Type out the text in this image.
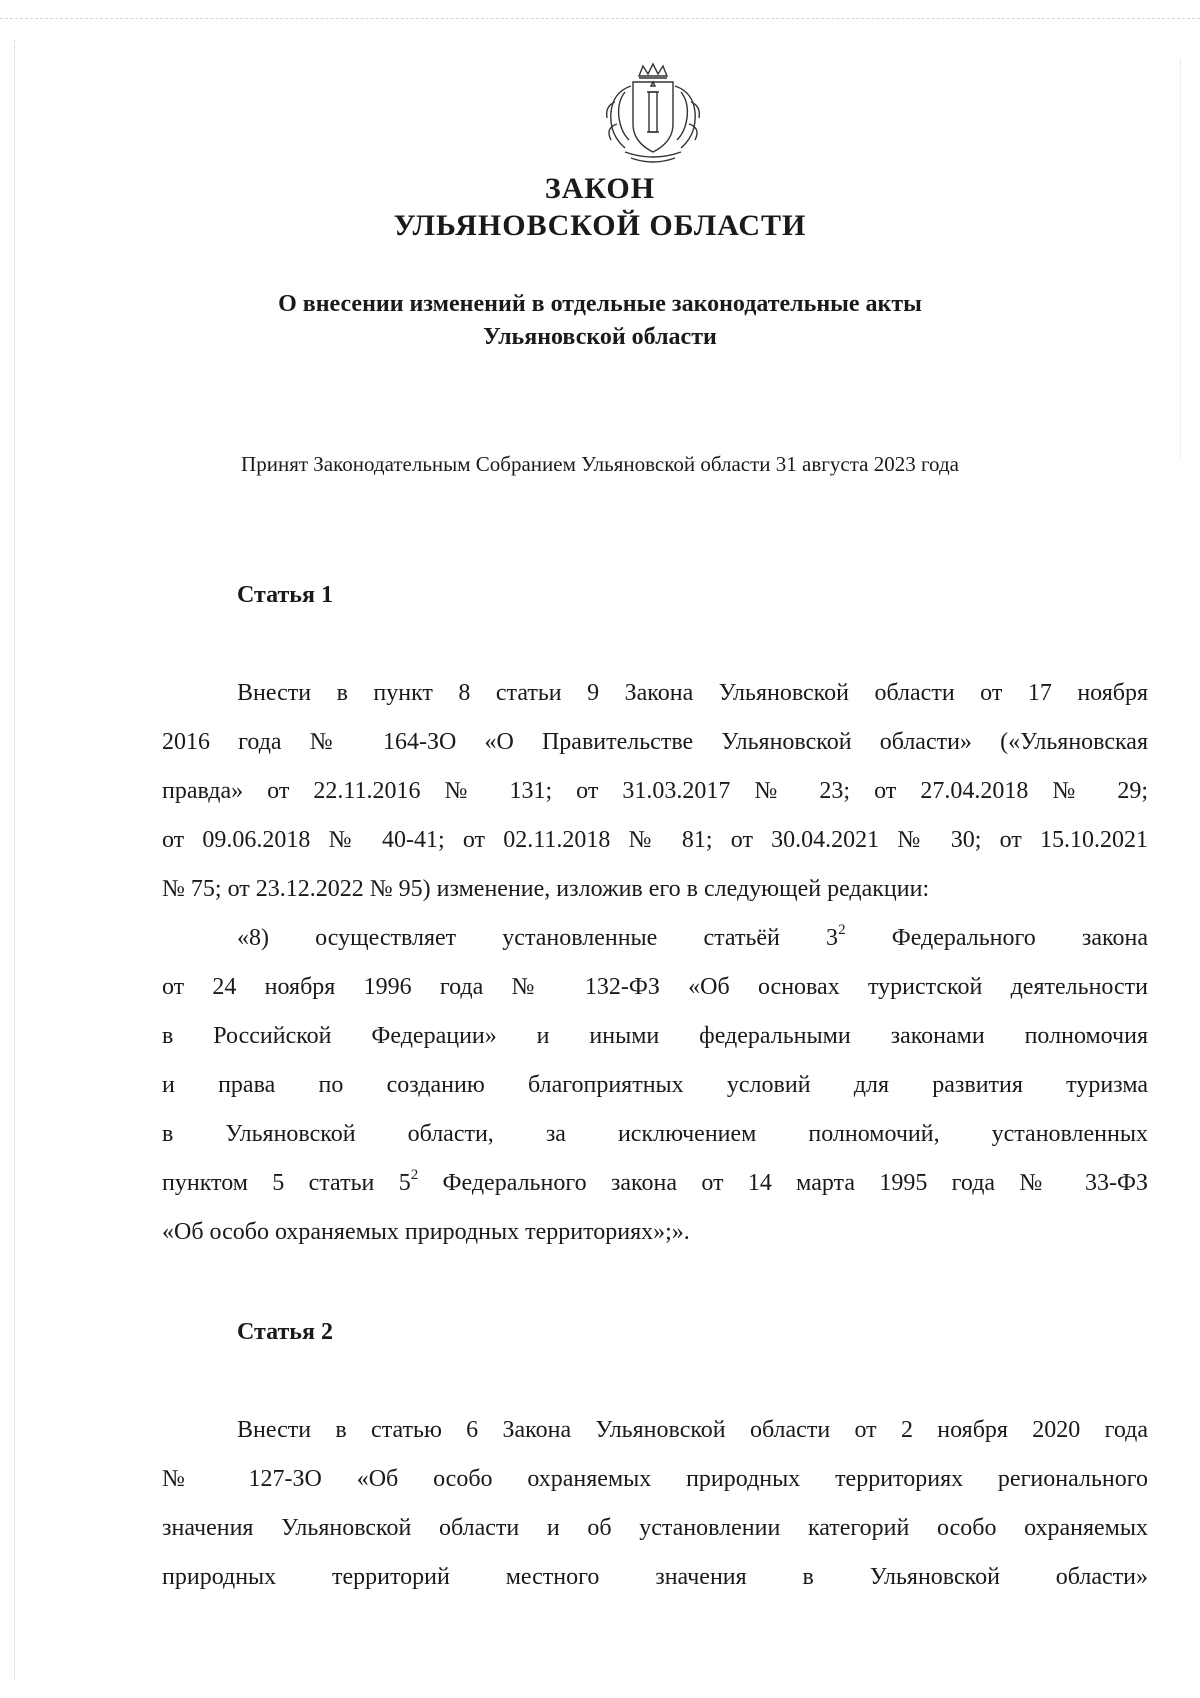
ЗАКОН
УЛЬЯНОВСКОЙ ОБЛАСТИ
О внесении изменений в отдельные законодательные акты
Ульяновской области
Принят Законодательным Собранием Ульяновской области 31 августа 2023 года
Статья 1
Внести в пункт 8 статьи 9 Закона Ульяновской области от 17 ноября
2016 года № 164-ЗО «О Правительстве Ульяновской области» («Ульяновская
правда» от 22.11.2016 № 131; от 31.03.2017 № 23; от 27.04.2018 № 29;
от 09.06.2018 № 40-41; от 02.11.2018 № 81; от 30.04.2021 № 30; от 15.10.2021
№ 75; от 23.12.2022 № 95) изменение, изложив его в следующей редакции:
«8) осуществляет установленные статьёй $3^2$ Федерального закона
от 24 ноября 1996 года № 132-ФЗ «Об основах туристской деятельности
в Российской Федерации» и иными федеральными законами полномочия
и права по созданию благоприятных условий для развития туризма
в Ульяновской области, за исключением полномочий, установленных
пунктом 5 статьи $5^2$ Федерального закона от 14 марта 1995 года № 33-ФЗ
«Об особо охраняемых природных территориях»;».
Статья 2
Внести в статью 6 Закона Ульяновской области от 2 ноября 2020 года
№ 127-ЗО «Об особо охраняемых природных территориях регионального
значения Ульяновской области и об установлении категорий особо охраняемых
природных территорий местного значения в Ульяновской области»
